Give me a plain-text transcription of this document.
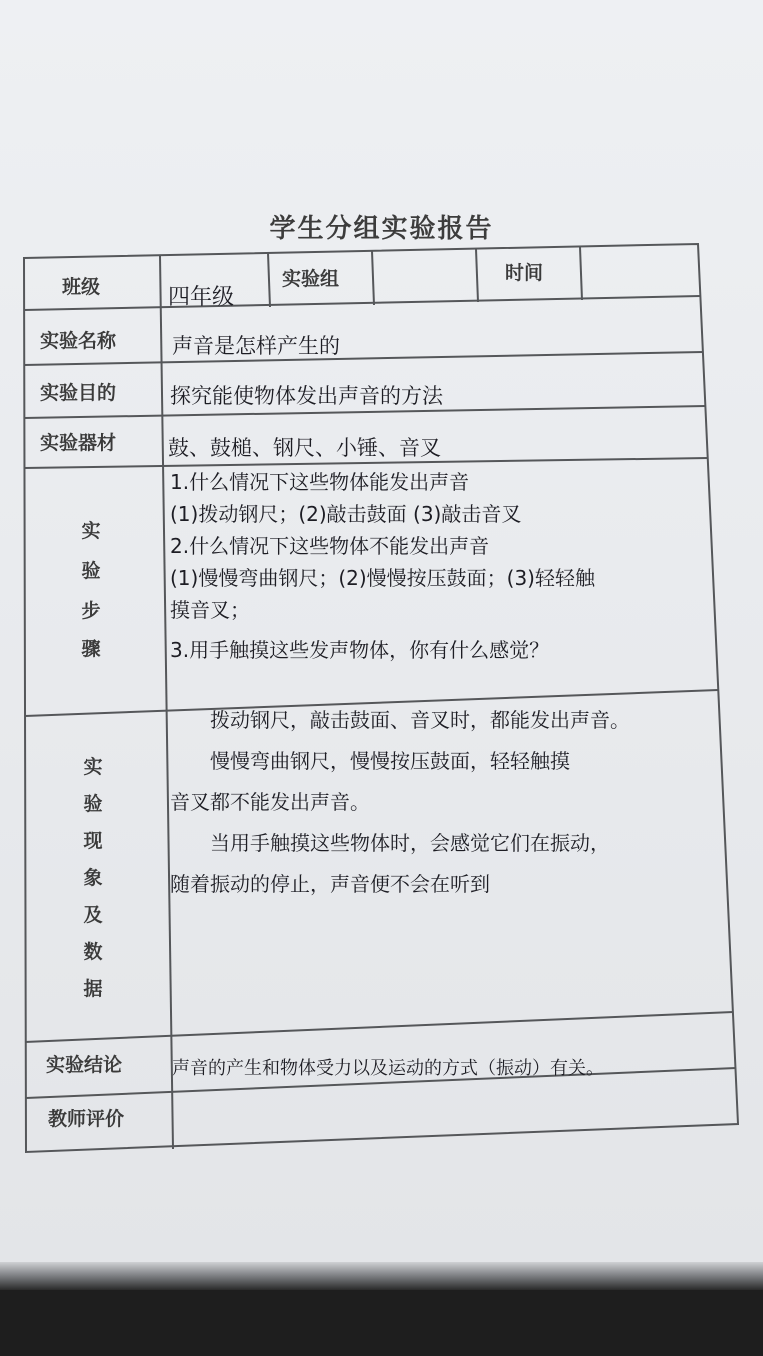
学生分组实验报告
班级	实验组	时间
实验名称
实验目的
实验器材
实
验
步
骤
实
验
现
象
及
数
据
实验结论
教师评价
四年级
声音是怎样产生的
探究能使物体发出声音的方法
鼓、鼓槌、钢尺、小锤、音叉
1.什么情况下这些物体能发出声音
(1)拨动钢尺；(2)敲击鼓面 (3)敲击音叉
2.什么情况下这些物体不能发出声音
(1)慢慢弯曲钢尺；(2)慢慢按压鼓面；(3)轻轻触
摸音叉；
3.用手触摸这些发声物体，你有什么感觉？
　　拨动钢尺，敲击鼓面、音叉时，都能发出声音。
　　慢慢弯曲钢尺，慢慢按压鼓面，轻轻触摸
音叉都不能发出声音。
　　当用手触摸这些物体时，会感觉它们在振动，
随着振动的停止，声音便不会在听到
声音的产生和物体受力以及运动的方式（振动）有关。
